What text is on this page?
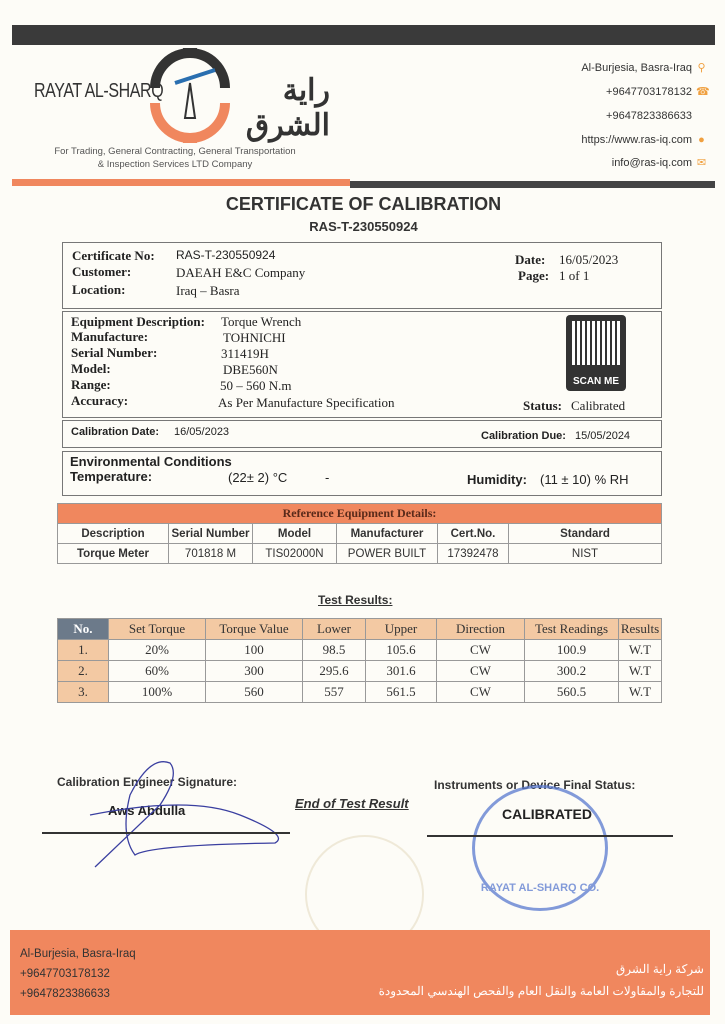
RAYAT AL-SHARQ	راية الشرق
For Trading, General Contracting, General Transportation
& Inspection Services LTD Company
Al-Burjesia, Basra-Iraq ⚲
+9647703178132 ☎
+9647823386633
https://www.ras-iq.com ●
info@ras-iq.com ✉
CERTIFICATE OF CALIBRATION
RAS-T-230550924
Certificate No: RAS-T-230550924
Customer:	DAEAH E&C Company
Location:	Iraq – Basra
Date: 16/05/2023
Page: 1 of 1
Equipment Description: Torque Wrench
Manufacture:	TOHNICHI
Serial Number:	311419H
Model:	DBE560N
Range:	50 – 560 N.m
Accuracy:	As Per Manufacture Specification
SCAN ME
Status: Calibrated
Calibration Date: 16/05/2023	Calibration Due: 15/05/2024
Environmental Conditions
Temperature:	(22± 2) °C	-	Humidity: (11 ± 10) % RH
Reference Equipment Details:					
Description	Serial Number	Model	Manufacturer	Cert.No.	Standard
Torque Meter	701818 M	TIS02000N	POWER BUILT	17392478	NIST
Test Results:
No.	Set Torque	Torque Value	Lower	Upper	Direction	Test Readings	Results
1.	20%	100	98.5	105.6	CW	100.9	W.T
2.	60%	300	295.6	301.6	CW	300.2	W.T
3.	100%	560	557	561.5	CW	560.5	W.T
Calibration Engineer Signature:
Aws Abdulla	End of Test Result
Instruments or Device Final Status:
RAYAT AL-SHARQ CO.
CALIBRATED
Al-Burjesia, Basra-Iraq
+9647703178132
+9647823386633
شركة راية الشرق
للتجارة والمقاولات العامة والنقل العام والفحص الهندسي المحدودة
